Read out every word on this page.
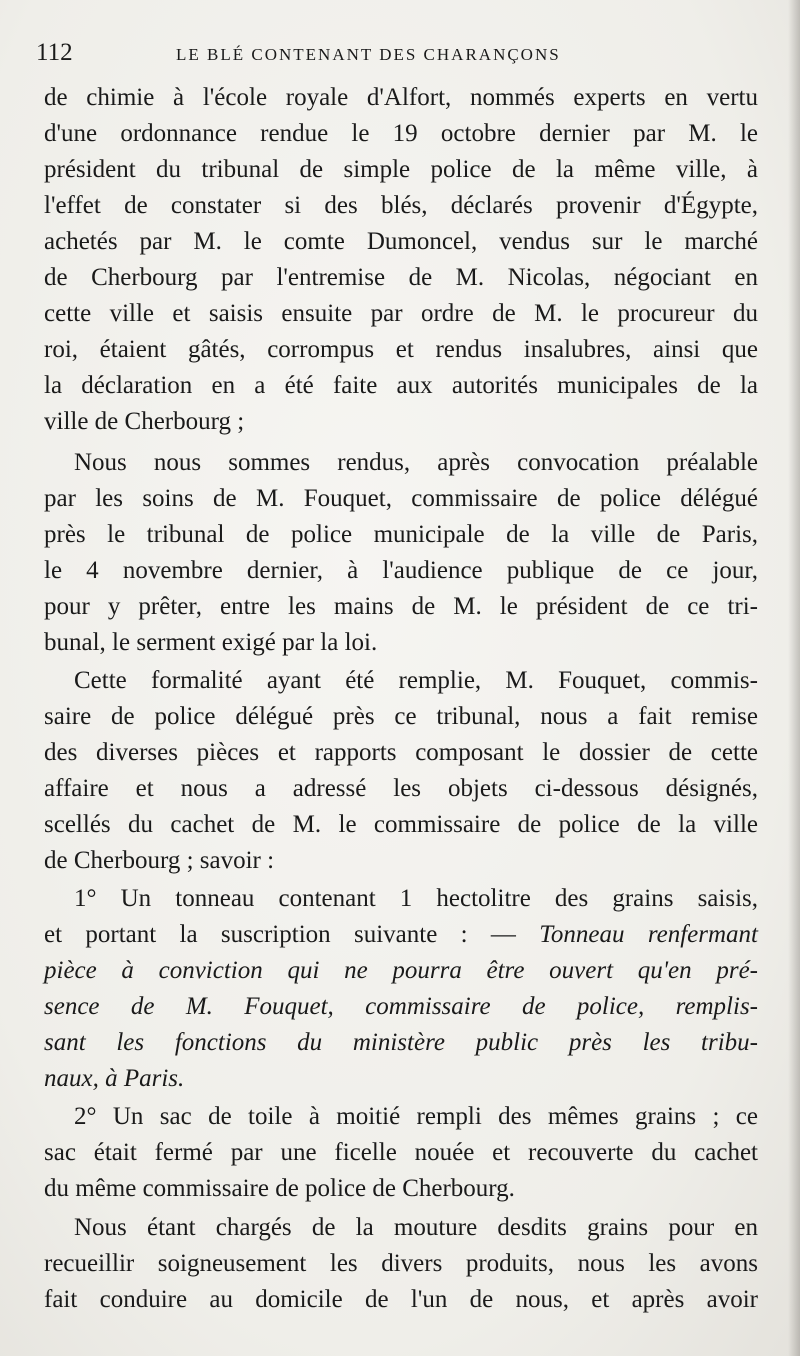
112	LE BLÉ CONTENANT DES CHARANÇONS
de chimie à l'école royale d'Alfort, nommés experts en vertu
d'une ordonnance rendue le 19 octobre dernier par M. le
président du tribunal de simple police de la même ville, à
l'effet de constater si des blés, déclarés provenir d'Égypte,
achetés par M. le comte Dumoncel, vendus sur le marché
de Cherbourg par l'entremise de M. Nicolas, négociant en
cette ville et saisis ensuite par ordre de M. le procureur du
roi, étaient gâtés, corrompus et rendus insalubres, ainsi que
la déclaration en a été faite aux autorités municipales de la
ville de Cherbourg ;
Nous nous sommes rendus, après convocation préalable
par les soins de M. Fouquet, commissaire de police délégué
près le tribunal de police municipale de la ville de Paris,
le 4 novembre dernier, à l'audience publique de ce jour,
pour y prêter, entre les mains de M. le président de ce tri-
bunal, le serment exigé par la loi.
Cette formalité ayant été remplie, M. Fouquet, commis-
saire de police délégué près ce tribunal, nous a fait remise
des diverses pièces et rapports composant le dossier de cette
affaire et nous a adressé les objets ci-dessous désignés,
scellés du cachet de M. le commissaire de police de la ville
de Cherbourg ; savoir :
1° Un tonneau contenant 1 hectolitre des grains saisis,
et portant la suscription suivante : — Tonneau renfermant
pièce à conviction qui ne pourra être ouvert qu'en pré-
sence de M. Fouquet, commissaire de police, remplis-
sant les fonctions du ministère public près les tribu-
naux, à Paris.
2° Un sac de toile à moitié rempli des mêmes grains ; ce
sac était fermé par une ficelle nouée et recouverte du cachet
du même commissaire de police de Cherbourg.
Nous étant chargés de la mouture desdits grains pour en
recueillir soigneusement les divers produits, nous les avons
fait conduire au domicile de l'un de nous, et après avoir
